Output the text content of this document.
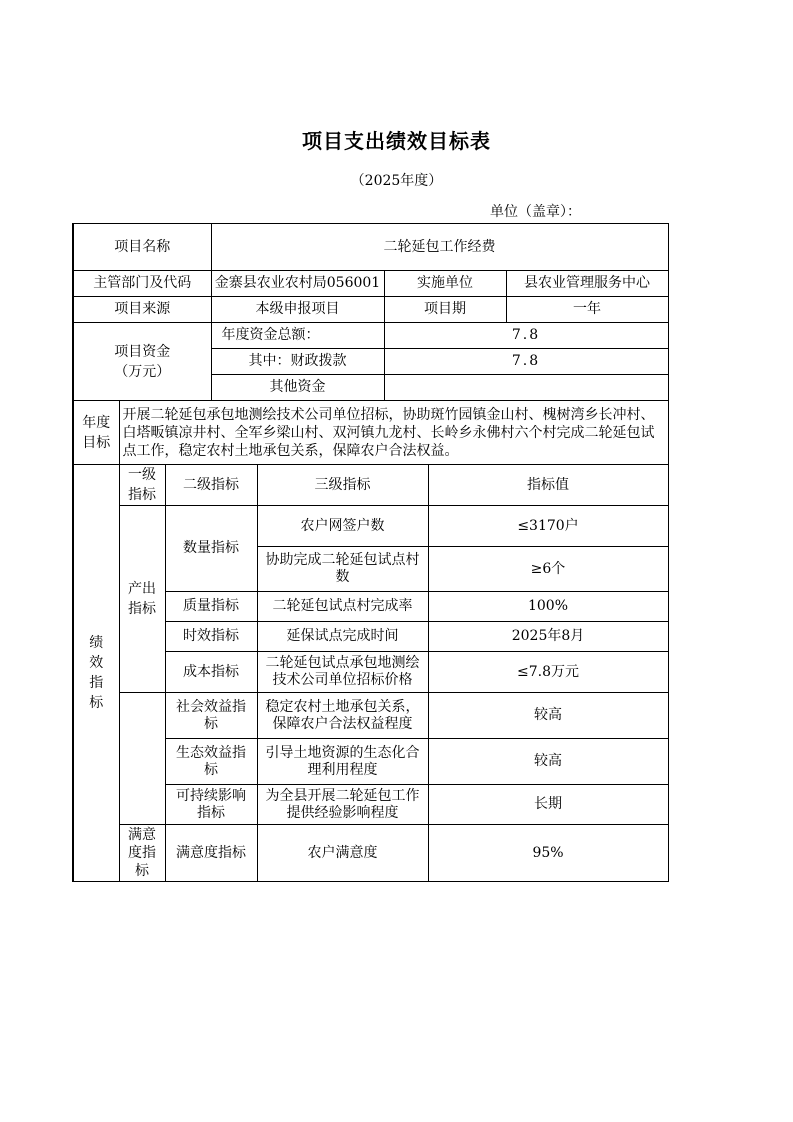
项目支出绩效目标表
（2025年度）
单位（盖章）：
项目名称			二轮延包工作经费				
主管部门及代码			金寨县农业农村局056001		实施单位		县农业管理服务中心
项目来源			本级申报项目		项目期		一年
项目资金（万元）			年度资金总额：		7.8		
			其中：财政拨款		7.8		
			其他资金				
年度目标	开展二轮延包承包地测绘技术公司单位招标，协助斑竹园镇金山村、槐树湾乡长冲村、白塔畈镇凉井村、全军乡梁山村、双河镇九龙村、长岭乡永佛村六个村完成二轮延包试点工作，稳定农村土地承包关系，保障农户合法权益。						
绩效指标	一级指标	二级指标		三级指标		指标值	
	产出指标	数量指标		农户网签户数		≤3170户	
				协助完成二轮延包试点村数		≥6个	
		质量指标		二轮延包试点村完成率		100%	
		时效指标		延保试点完成时间		2025年8月	
		成本指标		二轮延包试点承包地测绘技术公司单位招标价格		≤7.8万元	
		社会效益指标		稳定农村土地承包关系，保障农户合法权益程度		较高	
		生态效益指标		引导土地资源的生态化合理利用程度		较高	
		可持续影响指标		为全县开展二轮延包工作提供经验影响程度		长期	
	满意度指标	满意度指标		农户满意度		95%	
